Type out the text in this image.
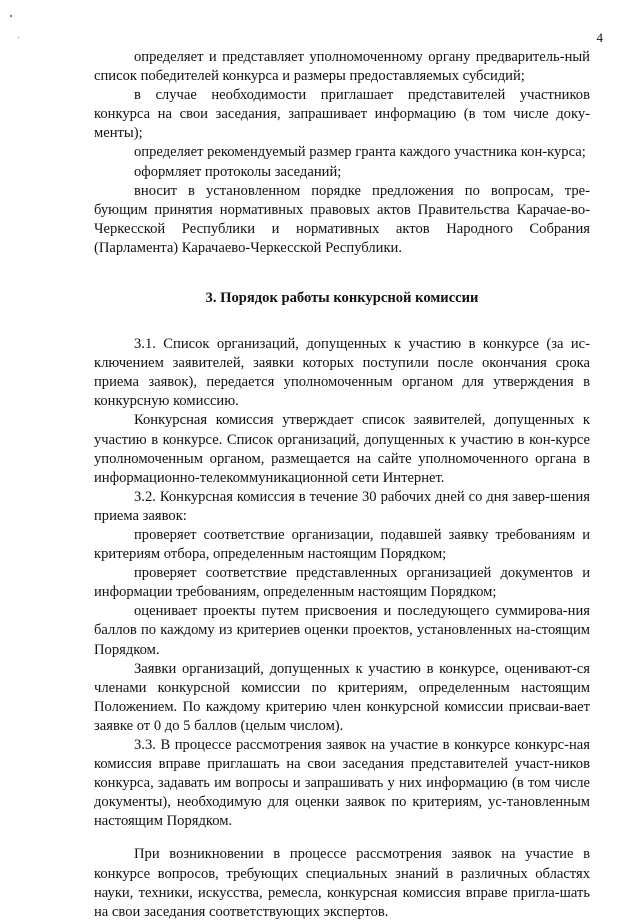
4

определяет и представляет уполномоченному органу предваритель-ный список победителей конкурса и размеры предоставляемых субсидий;

в случае необходимости приглашает представителей участников конкурса на свои заседания, запрашивает информацию (в том числе доку-менты);

определяет рекомендуемый размер гранта каждого участника кон-курса;

оформляет протоколы заседаний;

вносит в установленном порядке предложения по вопросам, тре-бующим принятия нормативных правовых актов Правительства Карачае-во-Черкесской Республики и нормативных актов Народного Собрания (Парламента) Карачаево-Черкесской Республики.

3. Порядок работы конкурсной комиссии

3.1. Список организаций, допущенных к участию в конкурсе (за ис-ключением заявителей, заявки которых поступили после окончания срока приема заявок), передается уполномоченным органом для утверждения в конкурсную комиссию.

Конкурсная комиссия утверждает список заявителей, допущенных к участию в конкурсе. Список организаций, допущенных к участию в кон-курсе уполномоченным органом, размещается на сайте уполномоченного органа в информационно-телекоммуникационной сети Интернет.

3.2. Конкурсная комиссия в течение 30 рабочих дней со дня завер-шения приема заявок:

проверяет соответствие организации, подавшей заявку требованиям и критериям отбора, определенным настоящим Порядком;

проверяет соответствие представленных организацией документов и информации требованиям, определенным настоящим Порядком;

оценивает проекты путем присвоения и последующего суммирова-ния баллов по каждому из критериев оценки проектов, установленных на-стоящим Порядком.

Заявки организаций, допущенных к участию в конкурсе, оценивают-ся членами конкурсной комиссии по критериям, определенным настоящим Положением. По каждому критерию член конкурсной комиссии присваи-вает заявке от 0 до 5 баллов (целым числом).

3.3. В процессе рассмотрения заявок на участие в конкурсе конкурс-ная комиссия вправе приглашать на свои заседания представителей участ-ников конкурса, задавать им вопросы и запрашивать у них информацию (в том числе документы), необходимую для оценки заявок по критериям, ус-тановленным настоящим Порядком.

При возникновении в процессе рассмотрения заявок на участие в конкурсе вопросов, требующих специальных знаний в различных областях науки, техники, искусства, ремесла, конкурсная комиссия вправе пригла-шать на свои заседания соответствующих экспертов.
